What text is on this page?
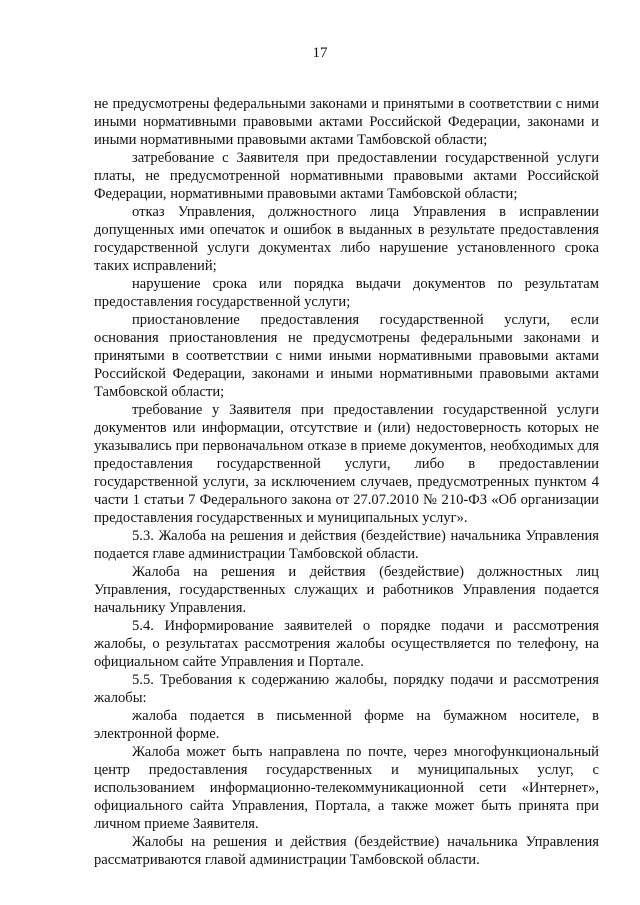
17

не предусмотрены федеральными законами и принятыми в соответствии с ними иными нормативными правовыми актами Российской Федерации, законами и иными нормативными правовыми актами Тамбовской области;

затребование с Заявителя при предоставлении государственной услуги платы, не предусмотренной нормативными правовыми актами Российской Федерации, нормативными правовыми актами Тамбовской области;

отказ Управления, должностного лица Управления в исправлении допущенных ими опечаток и ошибок в выданных в результате предоставления государственной услуги документах либо нарушение установленного срока таких исправлений;

нарушение срока или порядка выдачи документов по результатам предоставления государственной услуги;

приостановление предоставления государственной услуги, если основания приостановления не предусмотрены федеральными законами и принятыми в соответствии с ними иными нормативными правовыми актами Российской Федерации, законами и иными нормативными правовыми актами Тамбовской области;

требование у Заявителя при предоставлении государственной услуги документов или информации, отсутствие и (или) недостоверность которых не указывались при первоначальном отказе в приеме документов, необходимых для предоставления государственной услуги, либо в предоставлении государственной услуги, за исключением случаев, предусмотренных пунктом 4 части 1 статьи 7 Федерального закона от 27.07.2010 № 210-ФЗ «Об организации предоставления государственных и муниципальных услуг».

5.3. Жалоба на решения и действия (бездействие) начальника Управления подается главе администрации Тамбовской области.

Жалоба на решения и действия (бездействие) должностных лиц Управления, государственных служащих и работников Управления подается начальнику Управления.

5.4. Информирование заявителей о порядке подачи и рассмотрения жалобы, о результатах рассмотрения жалобы осуществляется по телефону, на официальном сайте Управления и Портале.

5.5. Требования к содержанию жалобы, порядку подачи и рассмотрения жалобы:

жалоба подается в письменной форме на бумажном носителе, в электронной форме.

Жалоба может быть направлена по почте, через многофункциональный центр предоставления государственных и муниципальных услуг, с использованием информационно-телекоммуникационной сети «Интернет», официального сайта Управления, Портала, а также может быть принята при личном приеме Заявителя.

Жалобы на решения и действия (бездействие) начальника Управления рассматриваются главой администрации Тамбовской области.
